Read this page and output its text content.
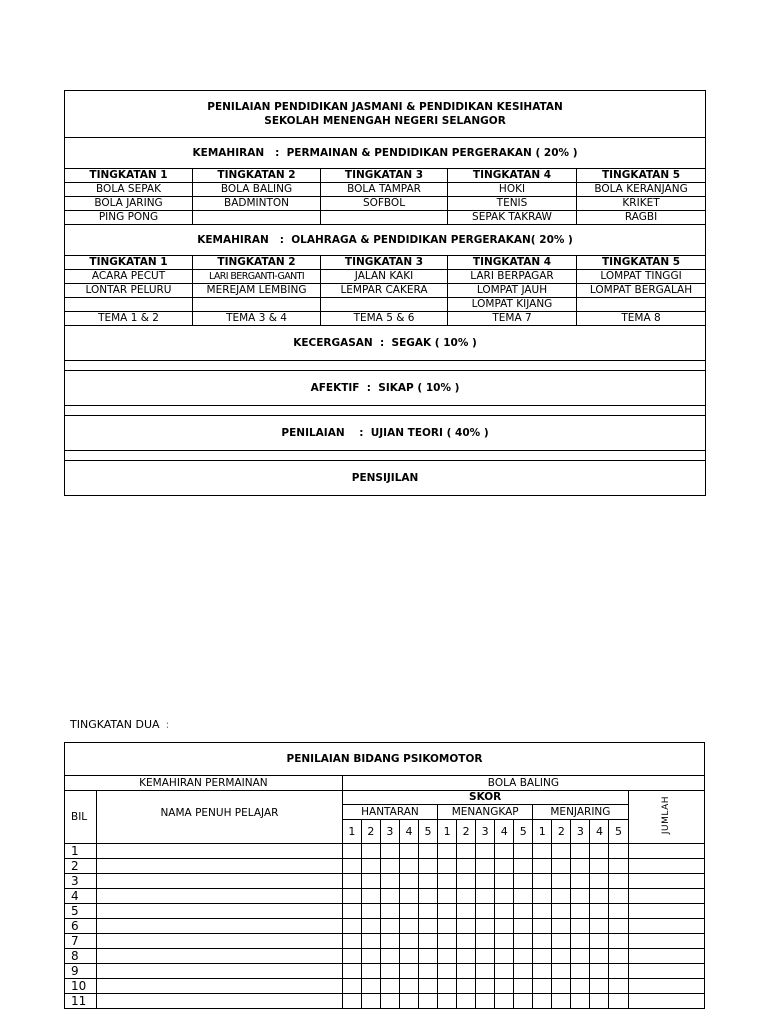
PENILAIAN PENDIDIKAN JASMANI & PENDIDIKAN KESIHATAN
SEKOLAH MENENGAH NEGERI SELANGOR				

KEMAHIRAN   :  PERMAINAN & PENDIDIKAN PERGERAKAN ( 20% )				
TINGKATAN 1	TINGKATAN 2	TINGKATAN 3	TINGKATAN 4	TINGKATAN 5
BOLA SEPAK	BOLA BALING	BOLA TAMPAR	HOKI	BOLA KERANJANG
BOLA JARING	BADMINTON	SOFBOL	TENIS	KRIKET
PING PONG			SEPAK TAKRAW	RAGBI
KEMAHIRAN   :  OLAHRAGA & PENDIDIKAN PERGERAKAN( 20% )				
TINGKATAN 1	TINGKATAN 2	TINGKATAN 3	TINGKATAN 4	TINGKATAN 5
ACARA PECUT	LARI BERGANTI-GANTI	JALAN KAKI	LARI BERPAGAR	LOMPAT TINGGI
LONTAR PELURU	MEREJAM LEMBING	LEMPAR CAKERA	LOMPAT JAUH	LOMPAT BERGALAH
			LOMPAT KIJANG	
TEMA 1 & 2	TEMA 3 & 4	TEMA 5 & 6	TEMA 7	TEMA 8
KECERGASAN  :  SEGAK ( 10% )				

AFEKTIF  :  SIKAP ( 10% )				

PENILAIAN    :  UJIAN TEORI ( 40% )				

PENSIJILAN				
TINGKATAN DUA :
PENILAIAN BIDANG PSIKOMOTOR																	
KEMAHIRAN PERMAINAN		BOLA BALING															
BIL	NAMA PENUH PELAJAR	SKOR															JUMLAH
		HANTARAN					MENANGKAP					MENJARING					
		1	2	3	4	5	1	2	3	4	5	1	2	3	4	5	
1																	
2																	
3																	
4																	
5																	
6																	
7																	
8																	
9																	
10																	
11																	
